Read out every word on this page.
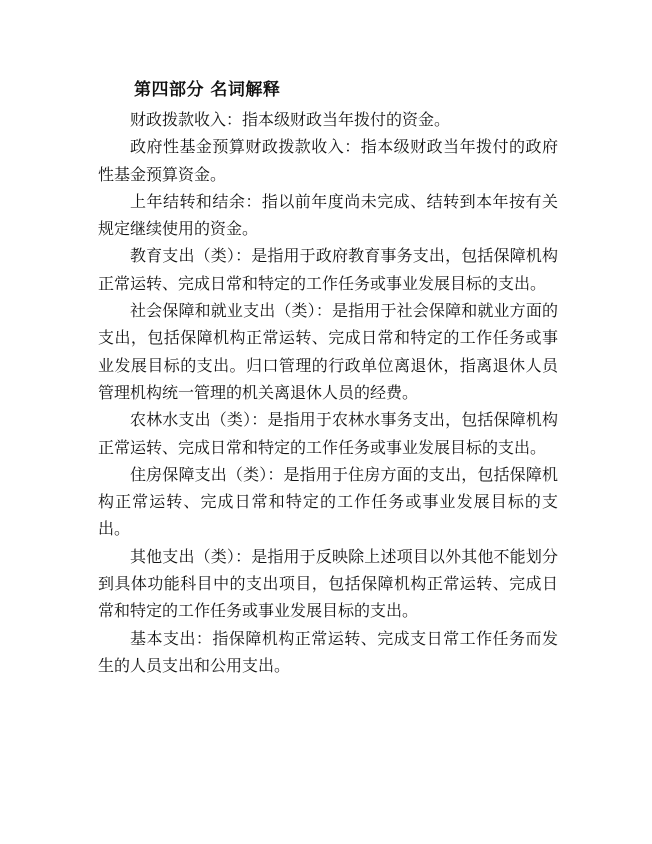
第四部分 名词解释

财政拨款收入：指本级财政当年拨付的资金。

政府性基金预算财政拨款收入：指本级财政当年拨付的政府性基金预算资金。

上年结转和结余：指以前年度尚未完成、结转到本年按有关规定继续使用的资金。

教育支出（类）：是指用于政府教育事务支出，包括保障机构正常运转、完成日常和特定的工作任务或事业发展目标的支出。

社会保障和就业支出（类）：是指用于社会保障和就业方面的支出，包括保障机构正常运转、完成日常和特定的工作任务或事业发展目标的支出。归口管理的行政单位离退休，指离退休人员管理机构统一管理的机关离退休人员的经费。

农林水支出（类）：是指用于农林水事务支出，包括保障机构正常运转、完成日常和特定的工作任务或事业发展目标的支出。

住房保障支出（类）：是指用于住房方面的支出，包括保障机构正常运转、完成日常和特定的工作任务或事业发展目标的支出。

其他支出（类）：是指用于反映除上述项目以外其他不能划分到具体功能科目中的支出项目，包括保障机构正常运转、完成日常和特定的工作任务或事业发展目标的支出。

基本支出：指保障机构正常运转、完成支日常工作任务而发生的人员支出和公用支出。
